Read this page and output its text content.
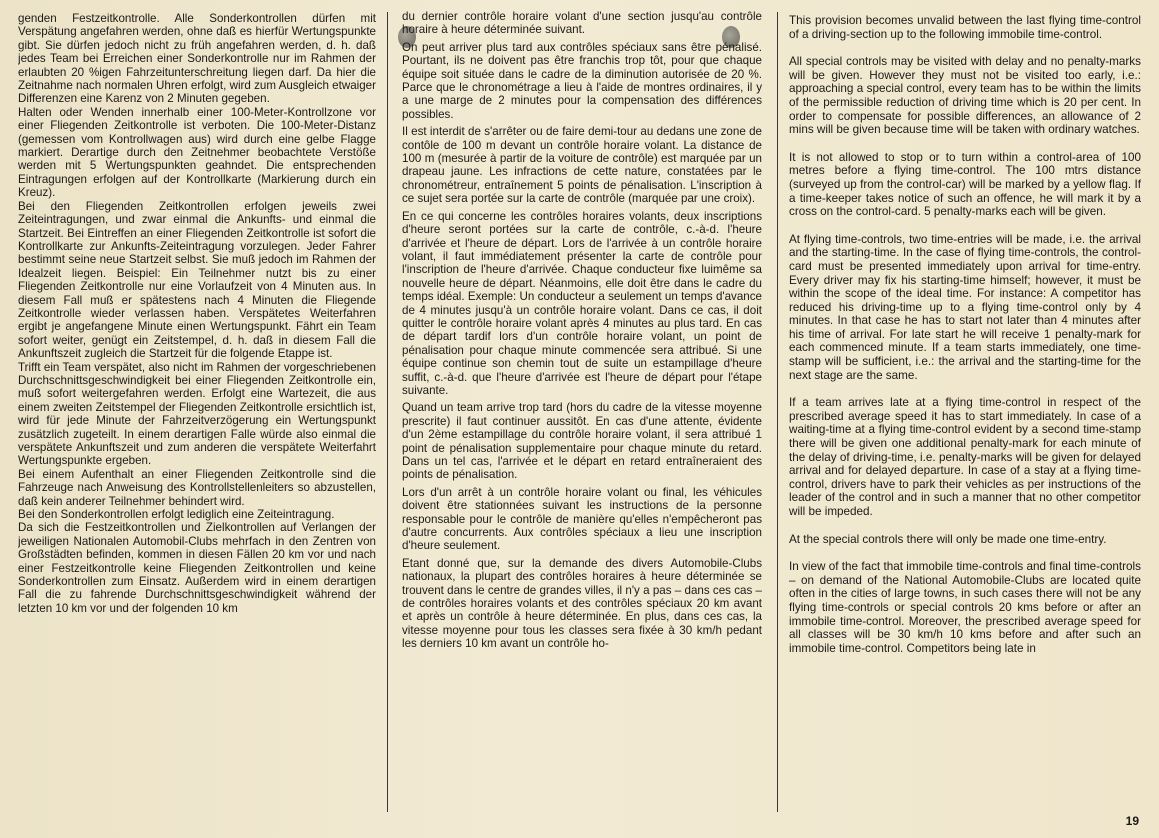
genden Festzeitkontrolle. Alle Sonderkontrollen dürfen mit Verspätung angefahren werden, ohne daß es hierfür Wertungspunkte gibt. Sie dürfen jedoch nicht zu früh angefahren werden, d. h. daß jedes Team bei Erreichen einer Sonderkontrolle nur im Rahmen der erlaubten 20 %igen Fahrzeitunterschreitung liegen darf. Da hier die Zeitnahme nach normalen Uhren erfolgt, wird zum Ausgleich etwaiger Differenzen eine Karenz von 2 Minuten gegeben.

Halten oder Wenden innerhalb einer 100-Meter-Kontrollzone vor einer Fliegenden Zeitkontrolle ist verboten. Die 100-Meter-Distanz (gemessen vom Kontrollwagen aus) wird durch eine gelbe Flagge markiert. Derartige durch den Zeitnehmer beobachtete Verstöße werden mit 5 Wertungspunkten geahndet. Die entsprechenden Eintragungen erfolgen auf der Kontrollkarte (Markierung durch ein Kreuz).

Bei den Fliegenden Zeitkontrollen erfolgen jeweils zwei Zeiteintragungen, und zwar einmal die Ankunfts- und einmal die Startzeit. Bei Eintreffen an einer Fliegenden Zeitkontrolle ist sofort die Kontrollkarte zur Ankunfts-Zeiteintragung vorzulegen. Jeder Fahrer bestimmt seine neue Startzeit selbst. Sie muß jedoch im Rahmen der Idealzeit liegen. Beispiel: Ein Teilnehmer nutzt bis zu einer Fliegenden Zeitkontrolle nur eine Vorlaufzeit von 4 Minuten aus. In diesem Fall muß er spätestens nach 4 Minuten die Fliegende Zeitkontrolle wieder verlassen haben. Verspätetes Weiterfahren ergibt je angefangene Minute einen Wertungspunkt. Fährt ein Team sofort weiter, genügt ein Zeitstempel, d. h. daß in diesem Fall die Ankunftszeit zugleich die Startzeit für die folgende Etappe ist.

Trifft ein Team verspätet, also nicht im Rahmen der vorgeschriebenen Durchschnittsgeschwindigkeit bei einer Fliegenden Zeitkontrolle ein, muß sofort weitergefahren werden. Erfolgt eine Wartezeit, die aus einem zweiten Zeitstempel der Fliegenden Zeitkontrolle ersichtlich ist, wird für jede Minute der Fahrzeitverzögerung ein Wertungspunkt zusätzlich zugeteilt. In einem derartigen Falle würde also einmal die verspätete Ankunftszeit und zum anderen die verspätete Weiterfahrt Wertungspunkte ergeben.

Bei einem Aufenthalt an einer Fliegenden Zeitkontrolle sind die Fahrzeuge nach Anweisung des Kontrollstellenleiters so abzustellen, daß kein anderer Teilnehmer behindert wird.

Bei den Sonderkontrollen erfolgt lediglich eine Zeiteintragung.

Da sich die Festzeitkontrollen und Zielkontrollen auf Verlangen der jeweiligen Nationalen Automobil-Clubs mehrfach in den Zentren von Großstädten befinden, kommen in diesen Fällen 20 km vor und nach einer Festzeitkontrolle keine Fliegenden Zeitkontrollen und keine Sonderkontrollen zum Einsatz. Außerdem wird in einem derartigen Fall die zu fahrende Durchschnittsgeschwindigkeit während der letzten 10 km vor und der folgenden 10 km

du dernier contrôle horaire volant d'une section jusqu'au contrôle horaire à heure déterminée suivant.

On peut arriver plus tard aux contrôles spéciaux sans être pénalisé. Pourtant, ils ne doivent pas être franchis trop tôt, pour que chaque équipe soit située dans le cadre de la diminution autorisée de 20 %. Parce que le chronométrage a lieu à l'aide de montres ordinaires, il y a une marge de 2 minutes pour la compensation des différences possibles.

Il est interdit de s'arrêter ou de faire demi-tour au dedans une zone de contôle de 100 m devant un contrôle horaire volant. La distance de 100 m (mesurée à partir de la voiture de contrôle) est marquée par un drapeau jaune. Les infractions de cette nature, constatées par le chronométreur, entraînement 5 points de pénalisation. L'inscription à ce sujet sera portée sur la carte de contrôle (marquée par une croix).

En ce qui concerne les contrôles horaires volants, deux inscriptions d'heure seront portées sur la carte de contrôle, c.-à-d. l'heure d'arrivée et l'heure de départ. Lors de l'arrivée à un contrôle horaire volant, il faut immédiatement présenter la carte de contrôle pour l'inscription de l'heure d'arrivée. Chaque conducteur fixe luimême sa nouvelle heure de départ. Néanmoins, elle doit être dans le cadre du temps idéal. Exemple: Un conducteur a seulement un temps d'avance de 4 minutes jusqu'à un contrôle horaire volant. Dans ce cas, il doit quitter le contrôle horaire volant après 4 minutes au plus tard. En cas de départ tardif lors d'un contrôle horaire volant, un point de pénalisation pour chaque minute commencée sera attribué. Si une équipe continue son chemin tout de suite un estampillage d'heure suffit, c.-à-d. que l'heure d'arrivée est l'heure de départ pour l'étape suivante.

Quand un team arrive trop tard (hors du cadre de la vitesse moyenne prescrite) il faut continuer aussitôt. En cas d'une attente, évidente d'un 2ème estampillage du contrôle horaire volant, il sera attribué 1 point de pénalisation supplementaire pour chaque minute du retard. Dans un tel cas, l'arrivée et le départ en retard entraîneraient des points de pénalisation.

Lors d'un arrêt à un contrôle horaire volant ou final, les véhicules doivent être stationnées suivant les instructions de la personne responsable pour le contrôle de manière qu'elles n'empêcheront pas d'autre concurrents. Aux contrôles spéciaux a lieu une inscription d'heure seulement.

Etant donné que, sur la demande des divers Automobile-Clubs nationaux, la plupart des contrôles horaires à heure déterminée se trouvent dans le centre de grandes villes, il n'y a pas – dans ces cas – de contrôles horaires volants et des contrôles spéciaux 20 km avant et après un contrôle à heure déterminée. En plus, dans ces cas, la vitesse moyenne pour tous les classes sera fixée à 30 km/h pedant les derniers 10 km avant un contrôle ho-

This provision becomes unvalid between the last flying time-control of a driving-section up to the following immobile time-control.

All special controls may be visited with delay and no penalty-marks will be given. However they must not be visited too early, i.e.: approaching a special control, every team has to be within the limits of the permissible reduction of driving time which is 20 per cent. In order to compensate for possible differences, an allowance of 2 mins will be given because time will be taken with ordinary watches.

It is not allowed to stop or to turn within a control-area of 100 metres before a flying time-control. The 100 mtrs distance (surveyed up from the control-car) will be marked by a yellow flag. If a time-keeper takes notice of such an offence, he will mark it by a cross on the control-card. 5 penalty-marks each will be given.

At flying time-controls, two time-entries will be made, i.e. the arrival and the starting-time. In the case of flying time-controls, the control-card must be presented immediately upon arrival for time-entry. Every driver may fix his starting-time himself; however, it must be within the scope of the ideal time. For instance: A competitor has reduced his driving-time up to a flying time-control only by 4 minutes. In that case he has to start not later than 4 minutes after his time of arrival. For late start he will receive 1 penalty-mark for each commenced minute. If a team starts immediately, one time-stamp will be sufficient, i.e.: the arrival and the starting-time for the next stage are the same.

If a team arrives late at a flying time-control in respect of the prescribed average speed it has to start immediately. In case of a waiting-time at a flying time-control evident by a second time-stamp there will be given one additional penalty-mark for each minute of the delay of driving-time, i.e. penalty-marks will be given for delayed arrival and for delayed departure. In case of a stay at a flying time-control, drivers have to park their vehicles as per instructions of the leader of the control and in such a manner that no other competitor will be impeded.

At the special controls there will only be made one time-entry.

In view of the fact that immobile time-controls and final time-controls – on demand of the National Automobile-Clubs are located quite often in the cities of large towns, in such cases there will not be any flying time-controls or special controls 20 kms before or after an immobile time-control. Moreover, the prescribed average speed for all classes will be 30 km/h 10 kms before and after such an immobile time-control. Competitors being late in

19
